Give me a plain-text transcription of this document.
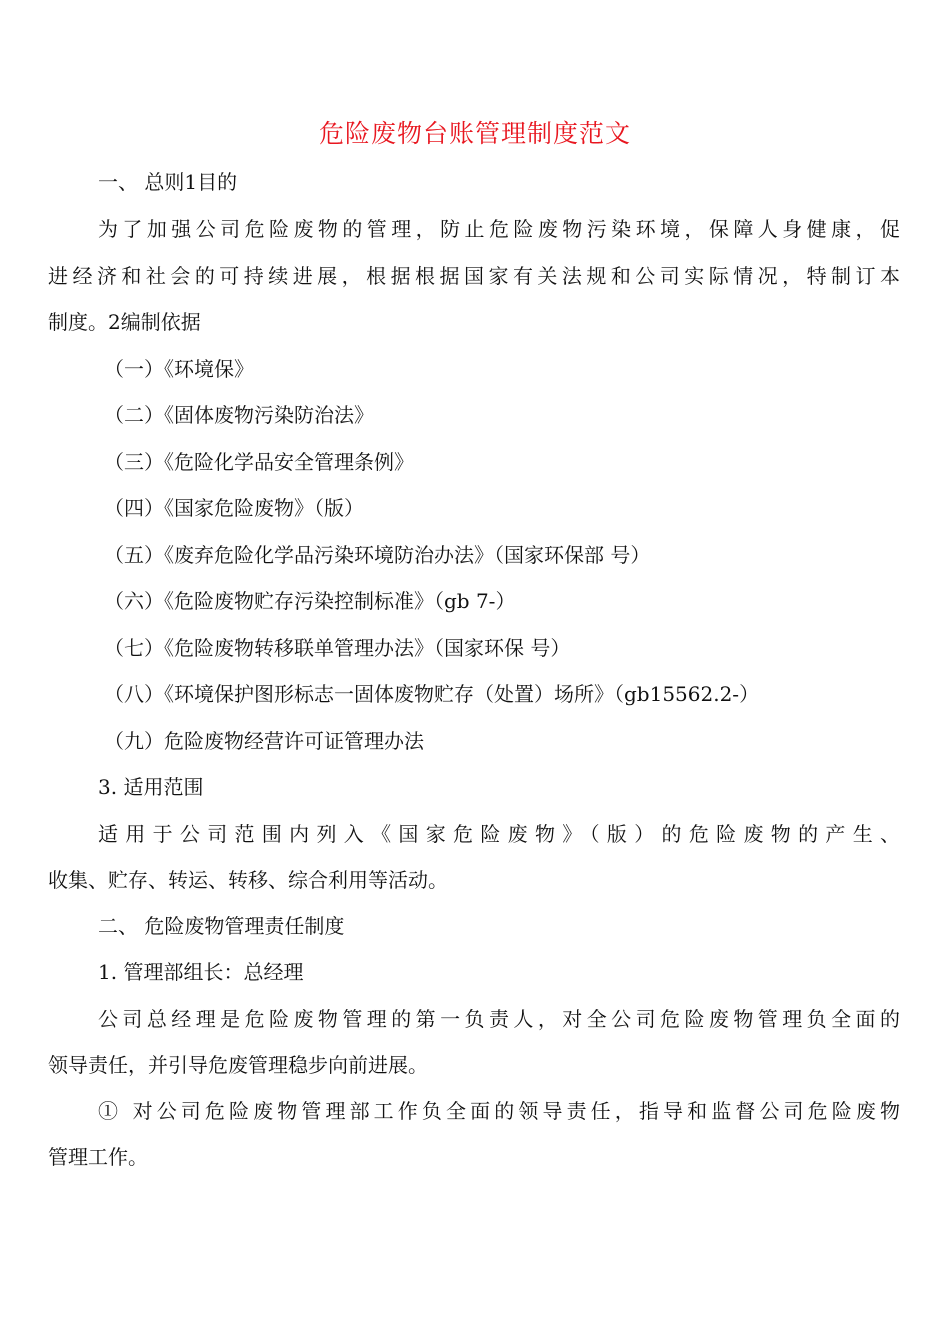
危险废物台账管理制度范文
一、 总则1目的
为了加强公司危险废物的管理，防止危险废物污染环境，保障人身健康，促
进经济和社会的可持续进展，根据根据国家有关法规和公司实际情况，特制订本
制度。2编制依据
（一）《环境保》
（二）《固体废物污染防治法》
（三）《危险化学品安全管理条例》
（四）《国家危险废物》（版）
（五）《废弃危险化学品污染环境防治办法》（国家环保部 号）
（六）《危险废物贮存污染控制标准》（gb 7-）
（七）《危险废物转移联单管理办法》（国家环保 号）
（八）《环境保护图形标志一固体废物贮存（处置）场所》（gb15562.2-）
（九）危险废物经营许可证管理办法
3. 适用范围
适用于公司范围内列入《国家危险废物》（版）的危险废物的产生、
收集、贮存、转运、转移、综合利用等活动。
二、 危险废物管理责任制度
1. 管理部组长：总经理
公司总经理是危险废物管理的第一负责人，对全公司危险废物管理负全面的
领导责任，并引导危废管理稳步向前进展。
① 对公司危险废物管理部工作负全面的领导责任，指导和监督公司危险废物
管理工作。
